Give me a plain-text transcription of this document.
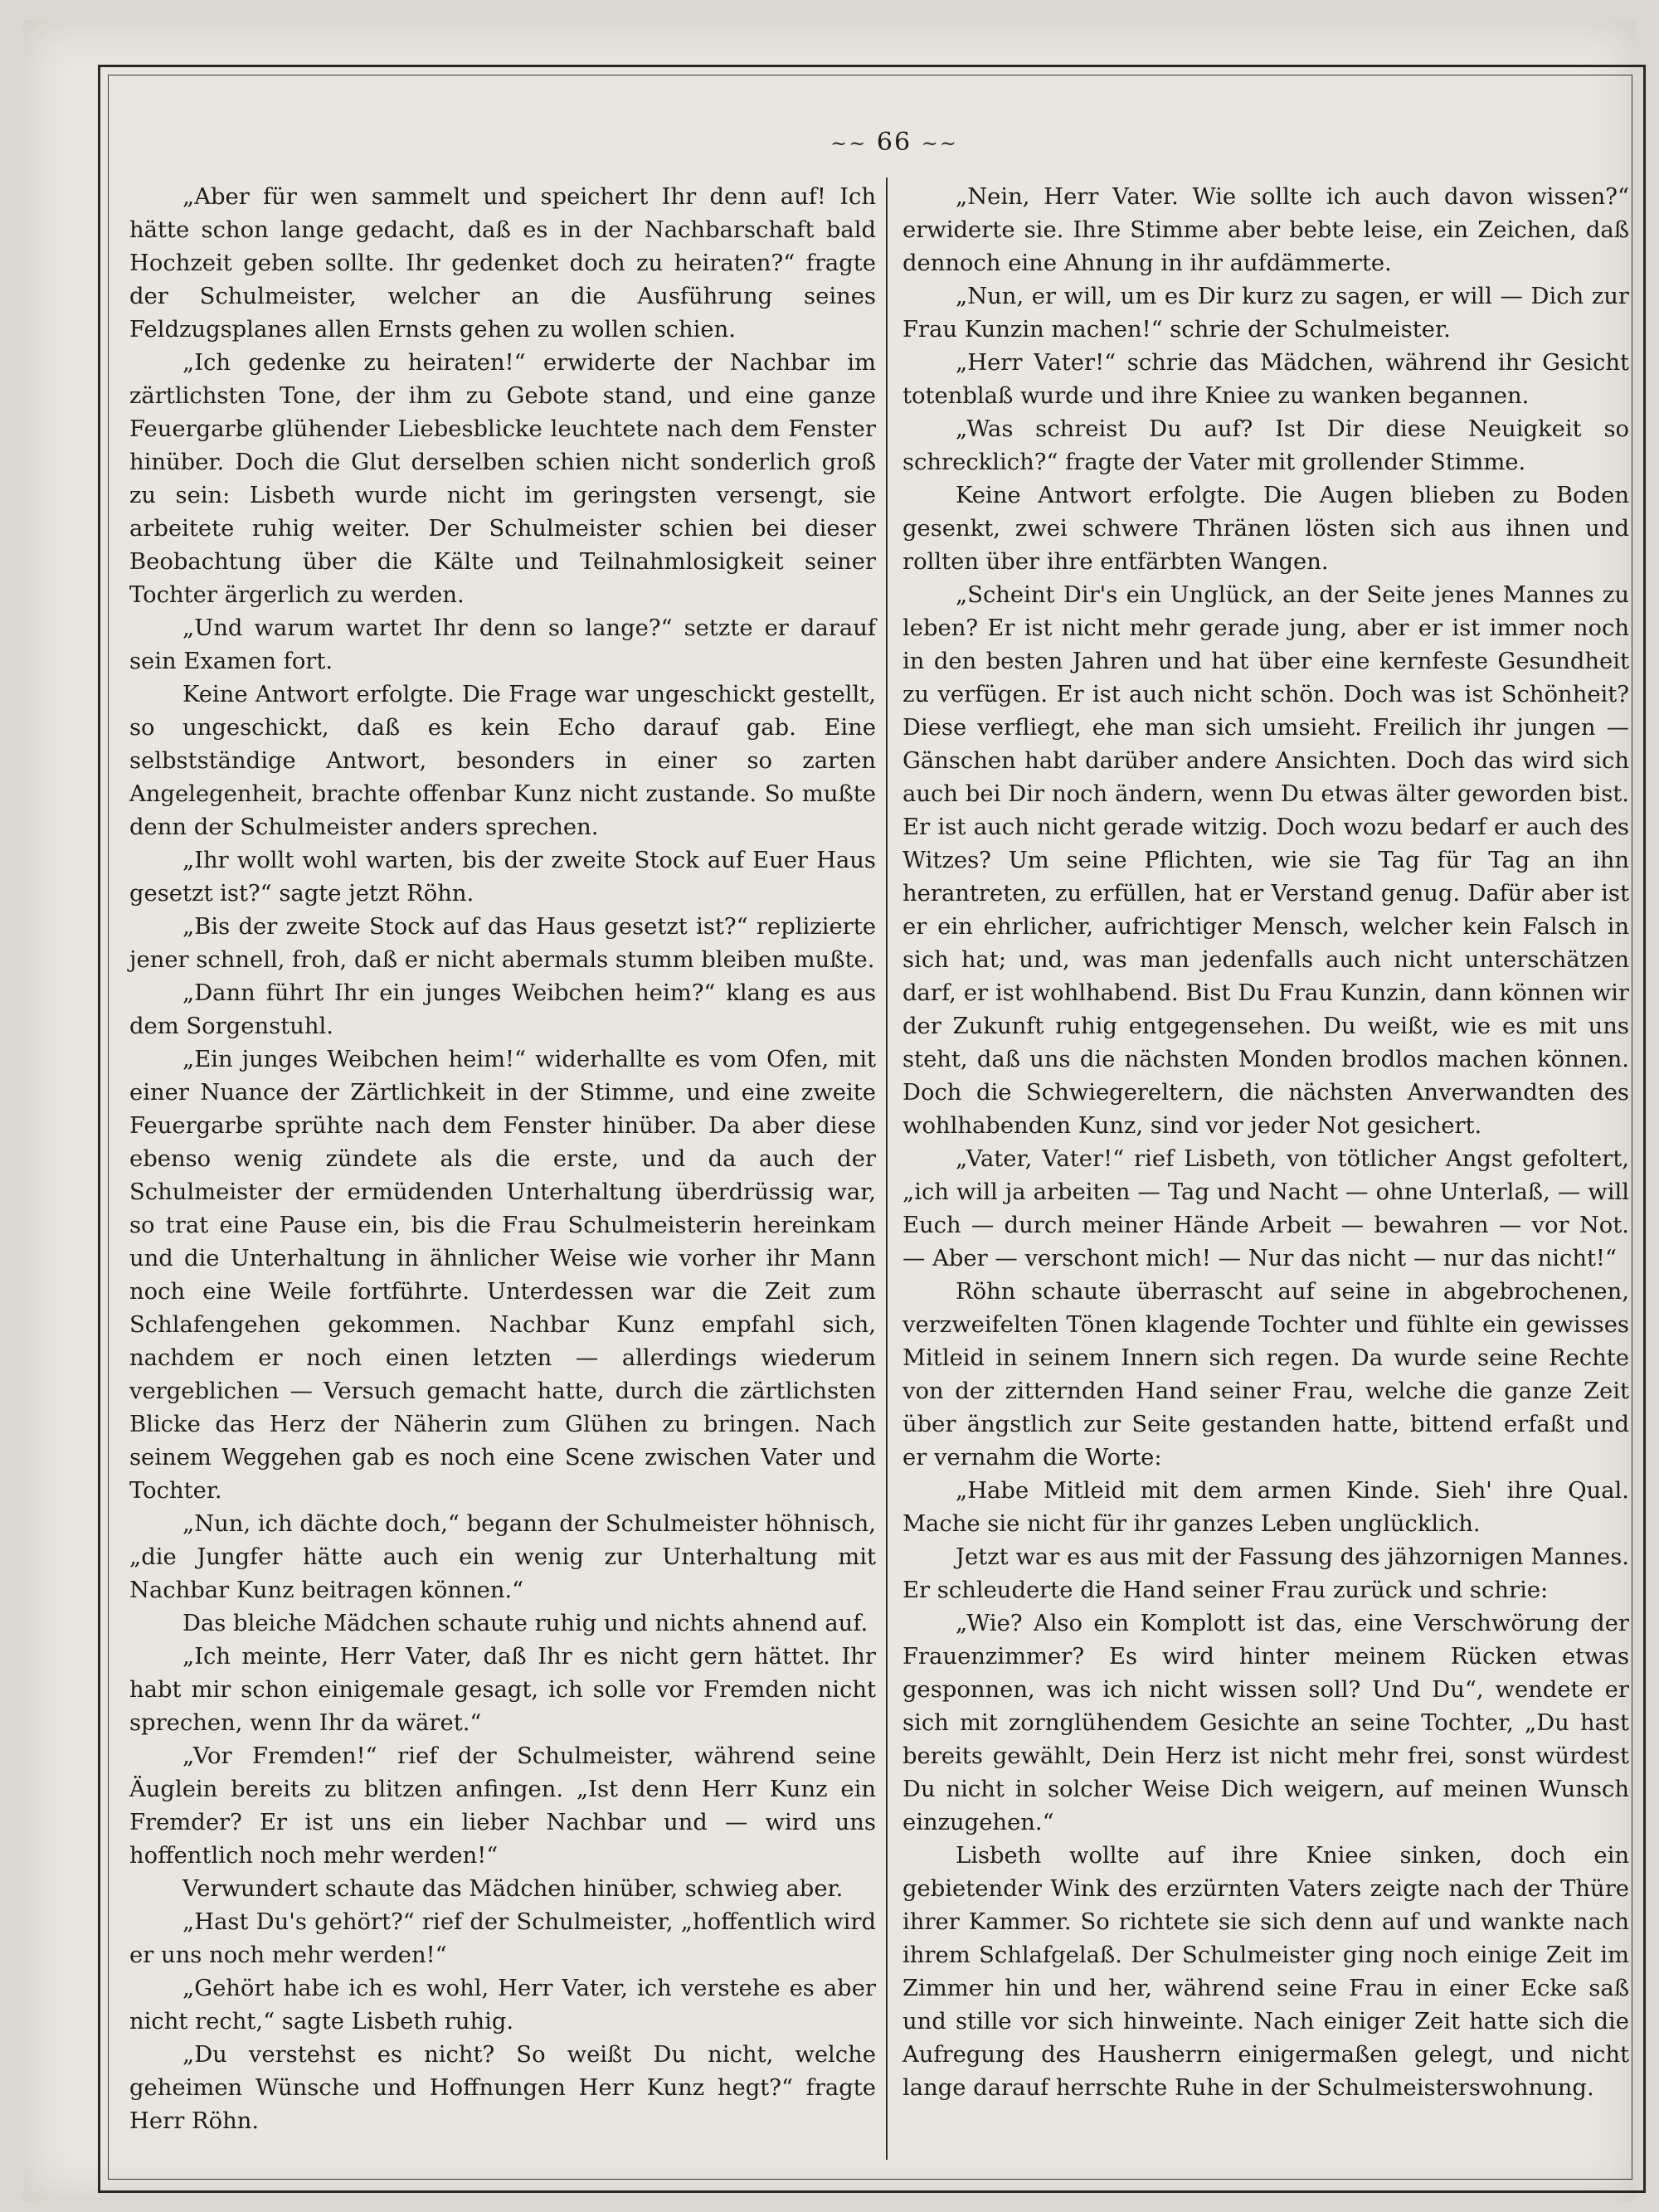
~~ 66 ~~

„Aber für wen sammelt und speichert Ihr denn auf! Ich hätte schon lange gedacht, daß es in der Nachbarschaft bald Hochzeit geben sollte. Ihr gedenket doch zu heiraten?“ fragte der Schulmeister, welcher an die Ausführung seines Feldzugsplanes allen Ernsts gehen zu wollen schien.

„Ich gedenke zu heiraten!“ erwiderte der Nachbar im zärtlichsten Tone, der ihm zu Gebote stand, und eine ganze Feuergarbe glühender Liebesblicke leuchtete nach dem Fenster hinüber. Doch die Glut derselben schien nicht sonderlich groß zu sein: Lisbeth wurde nicht im geringsten versengt, sie arbeitete ruhig weiter. Der Schulmeister schien bei dieser Beobachtung über die Kälte und Teilnahmlosigkeit seiner Tochter ärgerlich zu werden.

„Und warum wartet Ihr denn so lange?“ setzte er darauf sein Examen fort.

Keine Antwort erfolgte. Die Frage war ungeschickt gestellt, so ungeschickt, daß es kein Echo darauf gab. Eine selbstständige Antwort, besonders in einer so zarten Angelegenheit, brachte offenbar Kunz nicht zustande. So mußte denn der Schulmeister anders sprechen.

„Ihr wollt wohl warten, bis der zweite Stock auf Euer Haus gesetzt ist?“ sagte jetzt Röhn.

„Bis der zweite Stock auf das Haus gesetzt ist?“ replizierte jener schnell, froh, daß er nicht abermals stumm bleiben mußte.

„Dann führt Ihr ein junges Weibchen heim?“ klang es aus dem Sorgenstuhl.

„Ein junges Weibchen heim!“ widerhallte es vom Ofen, mit einer Nuance der Zärtlichkeit in der Stimme, und eine zweite Feuergarbe sprühte nach dem Fenster hinüber. Da aber diese ebenso wenig zündete als die erste, und da auch der Schulmeister der ermüdenden Unterhaltung überdrüssig war, so trat eine Pause ein, bis die Frau Schulmeisterin hereinkam und die Unterhaltung in ähnlicher Weise wie vorher ihr Mann noch eine Weile fortführte. Unterdessen war die Zeit zum Schlafengehen gekommen. Nachbar Kunz empfahl sich, nachdem er noch einen letzten — allerdings wiederum vergeblichen — Versuch gemacht hatte, durch die zärtlichsten Blicke das Herz der Näherin zum Glühen zu bringen. Nach seinem Weggehen gab es noch eine Scene zwischen Vater und Tochter.

„Nun, ich dächte doch,“ begann der Schulmeister höhnisch, „die Jungfer hätte auch ein wenig zur Unterhaltung mit Nachbar Kunz beitragen können.“

Das bleiche Mädchen schaute ruhig und nichts ahnend auf.

„Ich meinte, Herr Vater, daß Ihr es nicht gern hättet. Ihr habt mir schon einigemale gesagt, ich solle vor Fremden nicht sprechen, wenn Ihr da wäret.“

„Vor Fremden!“ rief der Schulmeister, während seine Äuglein bereits zu blitzen anfingen. „Ist denn Herr Kunz ein Fremder? Er ist uns ein lieber Nachbar und — wird uns hoffentlich noch mehr werden!“

Verwundert schaute das Mädchen hinüber, schwieg aber.

„Hast Du's gehört?“ rief der Schulmeister, „hoffentlich wird er uns noch mehr werden!“

„Gehört habe ich es wohl, Herr Vater, ich verstehe es aber nicht recht,“ sagte Lisbeth ruhig.

„Du verstehst es nicht? So weißt Du nicht, welche geheimen Wünsche und Hoffnungen Herr Kunz hegt?“ fragte Herr Röhn.

„Nein, Herr Vater. Wie sollte ich auch davon wissen?“ erwiderte sie. Ihre Stimme aber bebte leise, ein Zeichen, daß dennoch eine Ahnung in ihr aufdämmerte.

„Nun, er will, um es Dir kurz zu sagen, er will — Dich zur Frau Kunzin machen!“ schrie der Schulmeister.

„Herr Vater!“ schrie das Mädchen, während ihr Gesicht totenblaß wurde und ihre Kniee zu wanken begannen.

„Was schreist Du auf? Ist Dir diese Neuigkeit so schrecklich?“ fragte der Vater mit grollender Stimme.

Keine Antwort erfolgte. Die Augen blieben zu Boden gesenkt, zwei schwere Thränen lösten sich aus ihnen und rollten über ihre entfärbten Wangen.

„Scheint Dir's ein Unglück, an der Seite jenes Mannes zu leben? Er ist nicht mehr gerade jung, aber er ist immer noch in den besten Jahren und hat über eine kernfeste Gesundheit zu verfügen. Er ist auch nicht schön. Doch was ist Schönheit? Diese verfliegt, ehe man sich umsieht. Freilich ihr jungen — Gänschen habt darüber andere Ansichten. Doch das wird sich auch bei Dir noch ändern, wenn Du etwas älter geworden bist. Er ist auch nicht gerade witzig. Doch wozu bedarf er auch des Witzes? Um seine Pflichten, wie sie Tag für Tag an ihn herantreten, zu erfüllen, hat er Verstand genug. Dafür aber ist er ein ehrlicher, aufrichtiger Mensch, welcher kein Falsch in sich hat; und, was man jedenfalls auch nicht unterschätzen darf, er ist wohlhabend. Bist Du Frau Kunzin, dann können wir der Zukunft ruhig entgegensehen. Du weißt, wie es mit uns steht, daß uns die nächsten Monden brodlos machen können. Doch die Schwiegereltern, die nächsten Anverwandten des wohlhabenden Kunz, sind vor jeder Not gesichert.

„Vater, Vater!“ rief Lisbeth, von tötlicher Angst gefoltert, „ich will ja arbeiten — Tag und Nacht — ohne Unterlaß, — will Euch — durch meiner Hände Arbeit — bewahren — vor Not. — Aber — verschont mich! — Nur das nicht — nur das nicht!“

Röhn schaute überrascht auf seine in abgebrochenen, verzweifelten Tönen klagende Tochter und fühlte ein gewisses Mitleid in seinem Innern sich regen. Da wurde seine Rechte von der zitternden Hand seiner Frau, welche die ganze Zeit über ängstlich zur Seite gestanden hatte, bittend erfaßt und er vernahm die Worte:

„Habe Mitleid mit dem armen Kinde. Sieh' ihre Qual. Mache sie nicht für ihr ganzes Leben unglücklich.

Jetzt war es aus mit der Fassung des jähzornigen Mannes. Er schleuderte die Hand seiner Frau zurück und schrie:

„Wie? Also ein Komplott ist das, eine Verschwörung der Frauenzimmer? Es wird hinter meinem Rücken etwas gesponnen, was ich nicht wissen soll? Und Du“, wendete er sich mit zornglühendem Gesichte an seine Tochter, „Du hast bereits gewählt, Dein Herz ist nicht mehr frei, sonst würdest Du nicht in solcher Weise Dich weigern, auf meinen Wunsch einzugehen.“

Lisbeth wollte auf ihre Kniee sinken, doch ein gebietender Wink des erzürnten Vaters zeigte nach der Thüre ihrer Kammer. So richtete sie sich denn auf und wankte nach ihrem Schlafgelaß. Der Schulmeister ging noch einige Zeit im Zimmer hin und her, während seine Frau in einer Ecke saß und stille vor sich hinweinte. Nach einiger Zeit hatte sich die Aufregung des Hausherrn einigermaßen gelegt, und nicht lange darauf herrschte Ruhe in der Schulmeisterswohnung.
